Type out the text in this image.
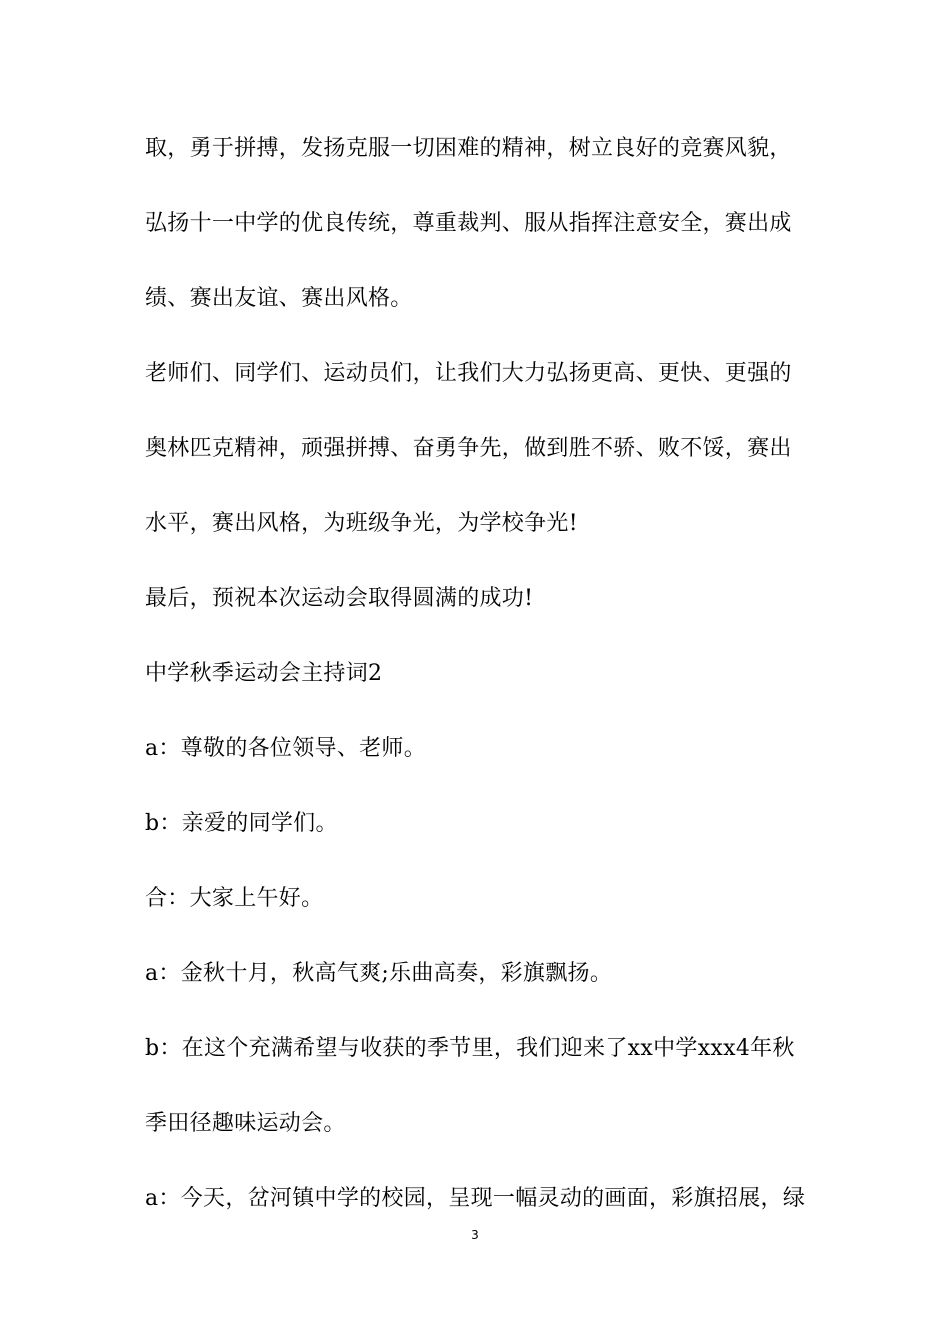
取，勇于拼搏，发扬克服一切困难的精神，树立良好的竞赛风貌，
弘扬十一中学的优良传统，尊重裁判、服从指挥注意安全，赛出成
绩、赛出友谊、赛出风格。
老师们、同学们、运动员们，让我们大力弘扬更高、更快、更强的
奥林匹克精神，顽强拼搏、奋勇争先，做到胜不骄、败不馁，赛出
水平，赛出风格，为班级争光，为学校争光!
最后，预祝本次运动会取得圆满的成功!
中学秋季运动会主持词2
a：尊敬的各位领导、老师。
b：亲爱的同学们。
合：大家上午好。
a：金秋十月，秋高气爽;乐曲高奏，彩旗飘扬。
b：在这个充满希望与收获的季节里，我们迎来了xx中学xxx4年秋
季田径趣味运动会。
a：今天，岔河镇中学的校园，呈现一幅灵动的画面，彩旗招展，绿
3
